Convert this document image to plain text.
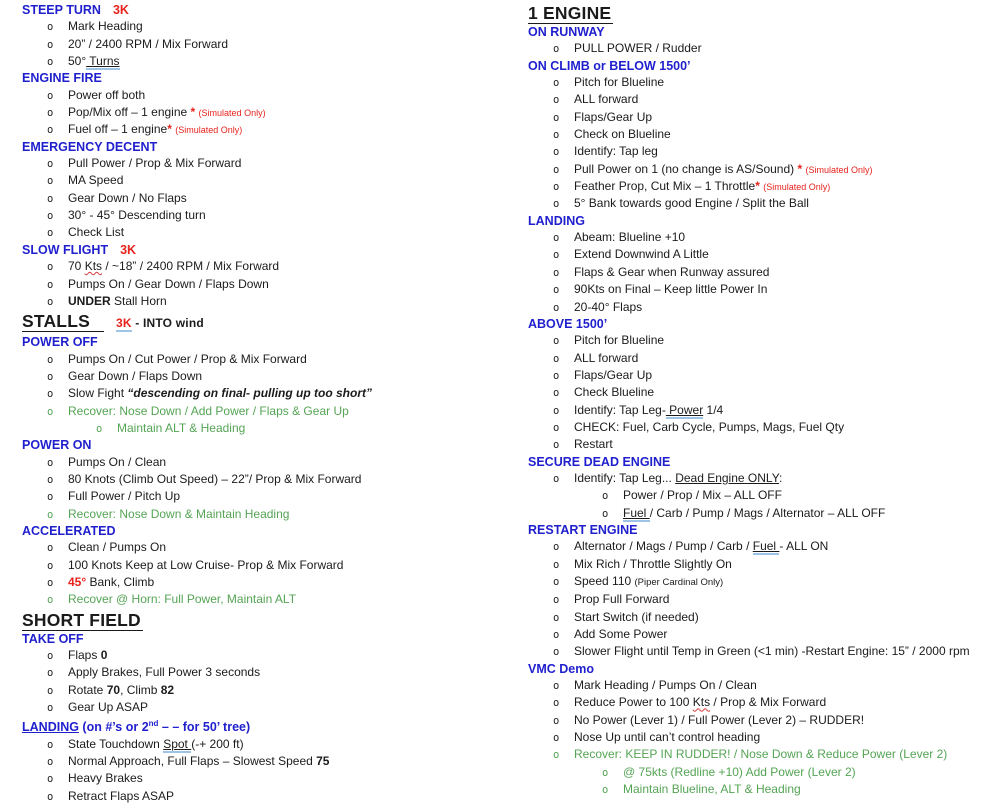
STEEP TURN 3K
o Mark Heading
o 20” / 2400 RPM / Mix Forward
o 50° Turns
ENGINE FIRE
o Power off both
o Pop/Mix off – 1 engine * (Simulated Only)
o Fuel off – 1 engine* (Simulated Only)
EMERGENCY DECENT
o Pull Power / Prop & Mix Forward
o MA Speed
o Gear Down / No Flaps
o 30° - 45° Descending turn
o Check List
SLOW FLIGHT 3K
o 70 Kts / ~18” / 2400 RPM / Mix Forward
o Pumps On / Gear Down / Flaps Down
o UNDER Stall Horn
STALLS 3K - INTO wind
POWER OFF
o Pumps On / Cut Power / Prop & Mix Forward
o Gear Down / Flaps Down
o Slow Fight “descending on final- pulling up too short”
o Recover: Nose Down / Add Power / Flaps & Gear Up
o Maintain ALT & Heading
POWER ON
o Pumps On / Clean
o 80 Knots (Climb Out Speed) – 22”/ Prop & Mix Forward
o Full Power / Pitch Up
o Recover: Nose Down & Maintain Heading
ACCELERATED
o Clean / Pumps On
o 100 Knots Keep at Low Cruise- Prop & Mix Forward
o 45° Bank, Climb
o Recover @ Horn: Full Power, Maintain ALT
SHORT FIELD
TAKE OFF
o Flaps 0
o Apply Brakes, Full Power 3 seconds
o Rotate 70, Climb 82
o Gear Up ASAP
LANDING (on #’s or 2nd – – for 50’ tree)
o State Touchdown Spot (-+ 200 ft)
o Normal Approach, Full Flaps – Slowest Speed 75
o Heavy Brakes
o Retract Flaps ASAP
1 ENGINE
ON RUNWAY
o PULL POWER / Rudder
ON CLIMB or BELOW 1500’
o Pitch for Blueline
o ALL forward
o Flaps/Gear Up
o Check on Blueline
o Identify: Tap leg
o Pull Power on 1 (no change is AS/Sound) * (Simulated Only)
o Feather Prop, Cut Mix – 1 Throttle* (Simulated Only)
o 5° Bank towards good Engine / Split the Ball
LANDING
o Abeam: Blueline +10
o Extend Downwind A Little
o Flaps & Gear when Runway assured
o 90Kts on Final – Keep little Power In
o 20-40° Flaps
ABOVE 1500’
o Pitch for Blueline
o ALL forward
o Flaps/Gear Up
o Check Blueline
o Identify: Tap Leg- Power 1/4
o CHECK: Fuel, Carb Cycle, Pumps, Mags, Fuel Qty
o Restart
SECURE DEAD ENGINE
o Identify: Tap Leg... Dead Engine ONLY:
o Power / Prop / Mix – ALL OFF
o Fuel / Carb / Pump / Mags / Alternator – ALL OFF
RESTART ENGINE
o Alternator / Mags / Pump / Carb / Fuel - ALL ON
o Mix Rich / Throttle Slightly On
o Speed 110 (Piper Cardinal Only)
o Prop Full Forward
o Start Switch (if needed)
o Add Some Power
o Slower Flight until Temp in Green (<1 min) -Restart Engine: 15” / 2000 rpm
VMC Demo
o Mark Heading / Pumps On / Clean
o Reduce Power to 100 Kts / Prop & Mix Forward
o No Power (Lever 1) / Full Power (Lever 2) – RUDDER!
o Nose Up until can’t control heading
o Recover: KEEP IN RUDDER! / Nose Down & Reduce Power (Lever 2)
o @ 75kts (Redline +10) Add Power (Lever 2)
o Maintain Blueline, ALT & Heading
